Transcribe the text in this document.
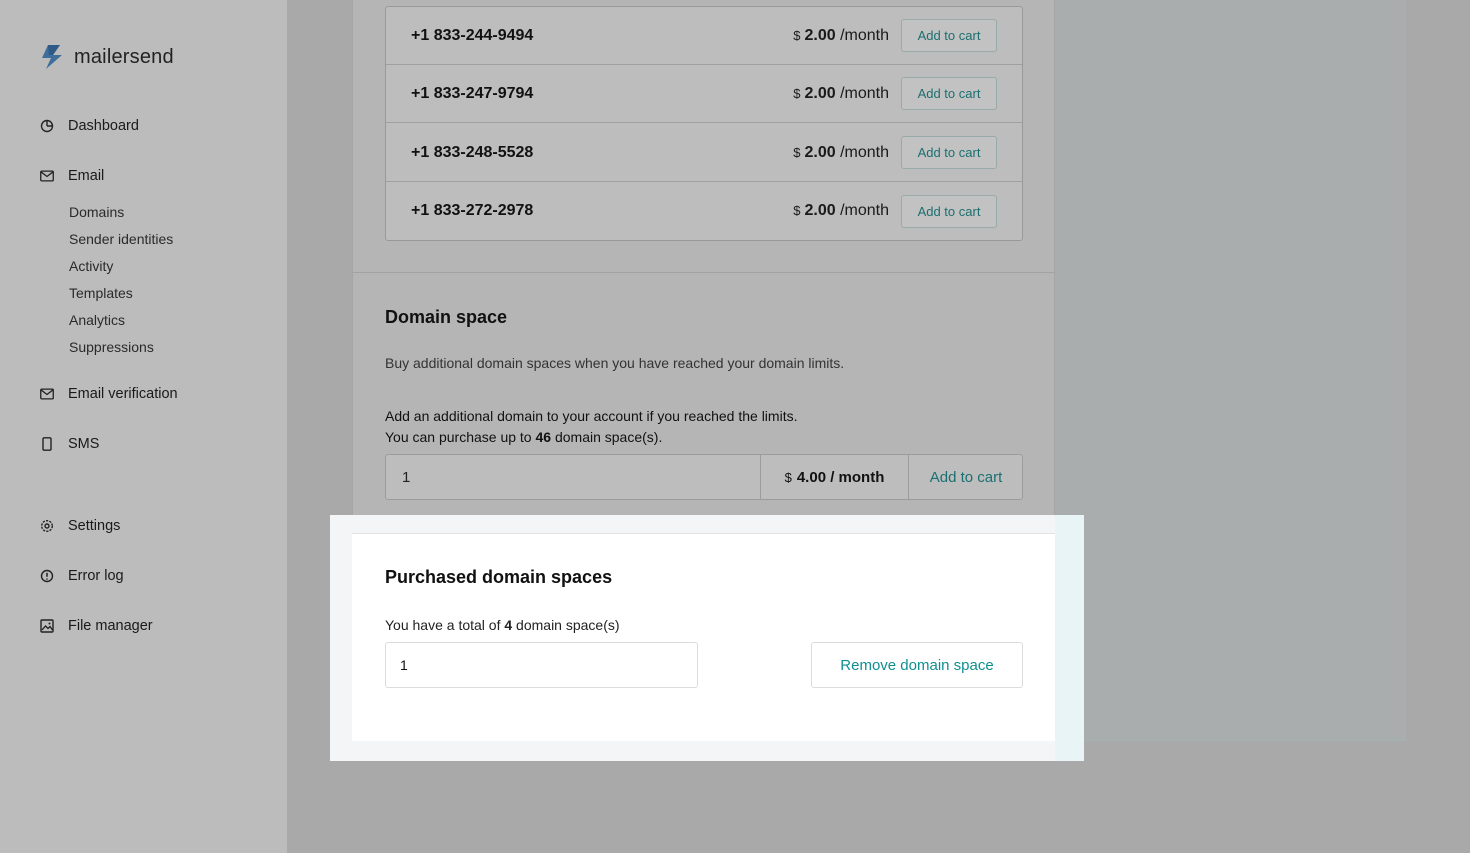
mailersend
Dashboard
Email
Domains
Sender identities
Activity
Templates
Analytics
Suppressions
Email verification
SMS
Settings
Error log
File manager
+1 833-244-9494	$ 2.00 /month	Add to cart
+1 833-247-9794	$ 2.00 /month	Add to cart
+1 833-248-5528	$ 2.00 /month	Add to cart
+1 833-272-2978	$ 2.00 /month	Add to cart
Domain space
Buy additional domain spaces when you have reached your domain limits.
Add an additional domain to your account if you reached the limits.
You can purchase up to 46 domain space(s).
1	$ 4.00 / month	Add to cart
Purchased domain spaces
You have a total of 4 domain space(s)
1	Remove domain space
